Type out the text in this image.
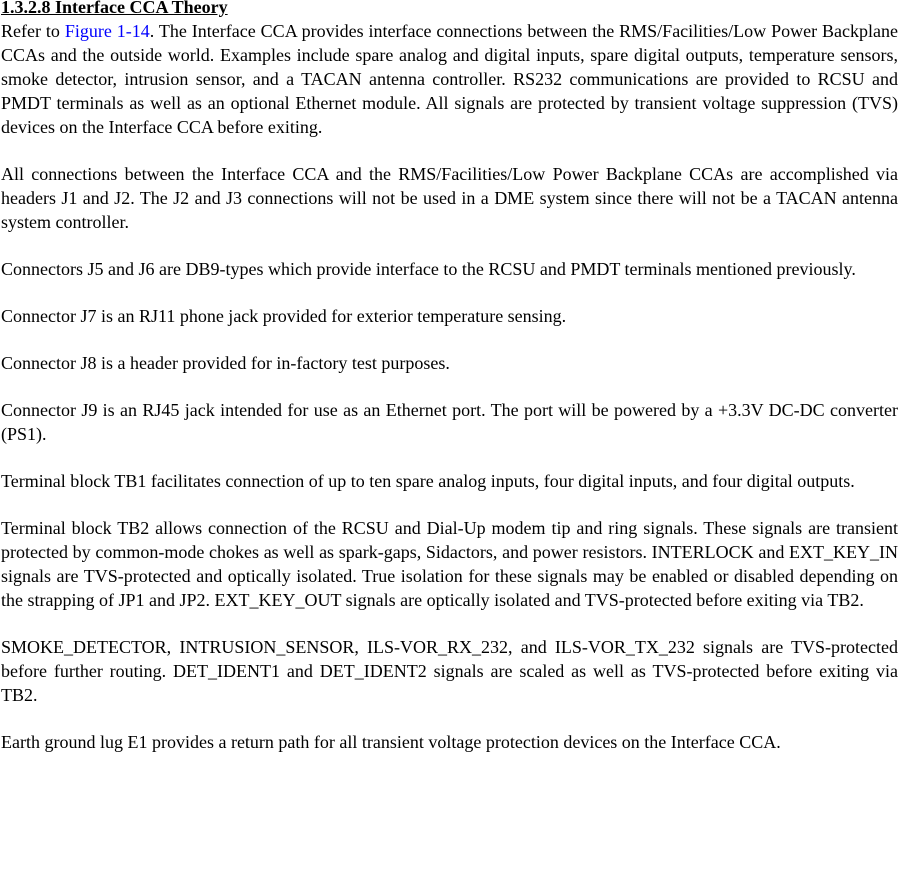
1.3.2.8 Interface CCA Theory

Refer to Figure 1-14. The Interface CCA provides interface connections between the RMS/Facilities/Low Power Backplane CCAs and the outside world. Examples include spare analog and digital inputs, spare digital outputs, temperature sensors, smoke detector, intrusion sensor, and a TACAN antenna controller. RS232 communications are provided to RCSU and PMDT terminals as well as an optional Ethernet module. All signals are protected by transient voltage suppression (TVS) devices on the Interface CCA before exiting.

All connections between the Interface CCA and the RMS/Facilities/Low Power Backplane CCAs are accomplished via headers J1 and J2. The J2 and J3 connections will not be used in a DME system since there will not be a TACAN antenna system controller.

Connectors J5 and J6 are DB9-types which provide interface to the RCSU and PMDT terminals mentioned previously.

Connector J7 is an RJ11 phone jack provided for exterior temperature sensing.

Connector J8 is a header provided for in-factory test purposes.

Connector J9 is an RJ45 jack intended for use as an Ethernet port. The port will be powered by a +3.3V DC-DC converter (PS1).

Terminal block TB1 facilitates connection of up to ten spare analog inputs, four digital inputs, and four digital outputs.

Terminal block TB2 allows connection of the RCSU and Dial-Up modem tip and ring signals. These signals are transient protected by common-mode chokes as well as spark-gaps, Sidactors, and power resistors. INTERLOCK and EXT_KEY_IN signals are TVS-protected and optically isolated. True isolation for these signals may be enabled or disabled depending on the strapping of JP1 and JP2. EXT_KEY_OUT signals are optically isolated and TVS-protected before exiting via TB2.

SMOKE_DETECTOR, INTRUSION_SENSOR, ILS-VOR_RX_232, and ILS-VOR_TX_232 signals are TVS-protected before further routing. DET_IDENT1 and DET_IDENT2 signals are scaled as well as TVS-protected before exiting via TB2.

Earth ground lug E1 provides a return path for all transient voltage protection devices on the Interface CCA.
